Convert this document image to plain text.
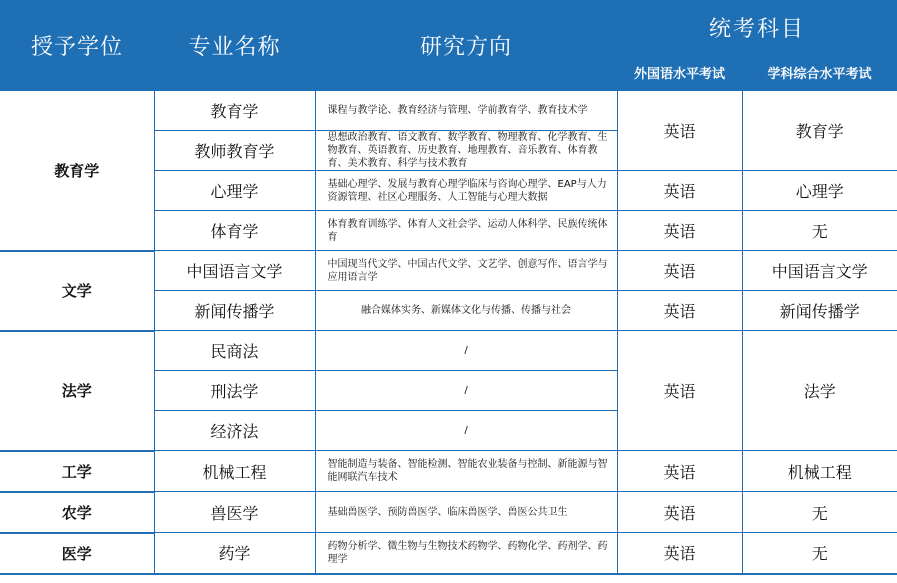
授予学位	专业名称	研究方向	统考科目	
			外国语水平考试	学科综合水平考试
教育学	教育学	课程与教学论、教育经济与管理、学前教育学、教育技术学	英语	教育学
	教师教育学	思想政治教育、语文教育、数学教育、物理教育、化学教育、生物教育、英语教育、历史教育、地理教育、音乐教育、体育教育、美术教育、科学与技术教育		
	心理学	基础心理学、发展与教育心理学临床与咨询心理学、EAP与人力资源管理、社区心理服务、人工智能与心理大数据	英语	心理学
	体育学	体育教育训练学、体育人文社会学、运动人体科学、民族传统体育	英语	无
文学	中国语言文学	中国现当代文学、中国古代文学、文艺学、创意写作、语言学与应用语言学	英语	中国语言文学
	新闻传播学	融合媒体实务、新媒体文化与传播、传播与社会	英语	新闻传播学
法学	民商法	/	英语	法学
	刑法学	/		
	经济法	/		
工学	机械工程	智能制造与装备、智能检测、智能农业装备与控制、新能源与智能网联汽车技术	英语	机械工程
农学	兽医学	基础兽医学、预防兽医学、临床兽医学、兽医公共卫生	英语	无
医学	药学	药物分析学、微生物与生物技术药物学、药物化学、药剂学、药理学	英语	无
